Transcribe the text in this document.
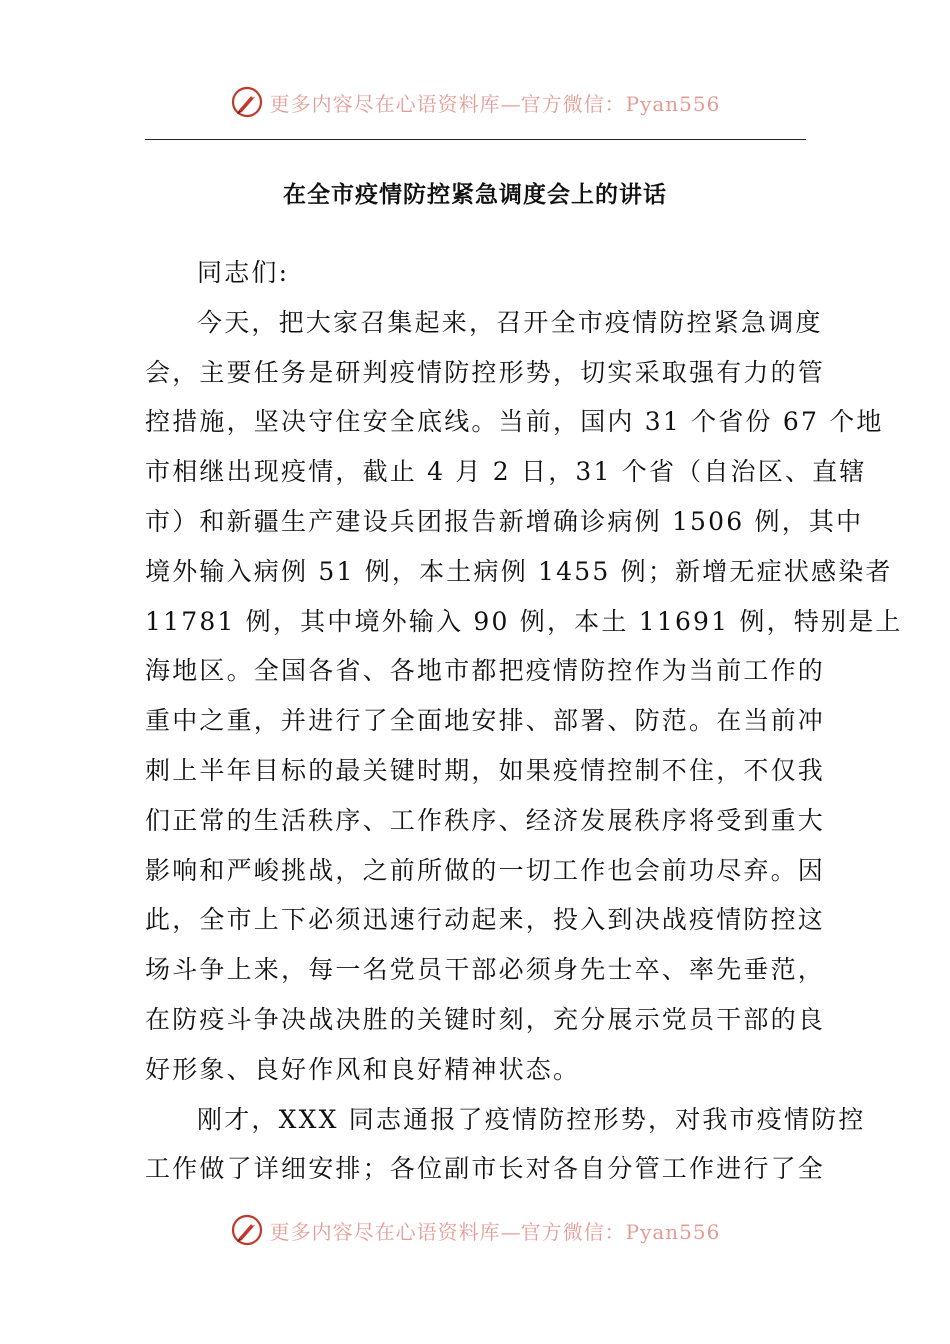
更多内容尽在心语资料库—官方微信：Pyan556
在全市疫情防控紧急调度会上的讲话
同志们:
今天，把大家召集起来，召开全市疫情防控紧急调度
会，主要任务是研判疫情防控形势，切实采取强有力的管
控措施，坚决守住安全底线。当前，国内 31 个省份 67 个地
市相继出现疫情，截止 4 月 2 日，31 个省（自治区、直辖
市）和新疆生产建设兵团报告新增确诊病例 1506 例，其中
境外输入病例 51 例，本土病例 1455 例；新增无症状感染者
11781 例，其中境外输入 90 例，本土 11691 例，特别是上
海地区。全国各省、各地市都把疫情防控作为当前工作的
重中之重，并进行了全面地安排、部署、防范。在当前冲
刺上半年目标的最关键时期，如果疫情控制不住，不仅我
们正常的生活秩序、工作秩序、经济发展秩序将受到重大
影响和严峻挑战，之前所做的一切工作也会前功尽弃。因
此，全市上下必须迅速行动起来，投入到决战疫情防控这
场斗争上来，每一名党员干部必须身先士卒、率先垂范，
在防疫斗争决战决胜的关键时刻，充分展示党员干部的良
好形象、良好作风和良好精神状态。
刚才，XXX 同志通报了疫情防控形势，对我市疫情防控
工作做了详细安排；各位副市长对各自分管工作进行了全
更多内容尽在心语资料库—官方微信：Pyan556
